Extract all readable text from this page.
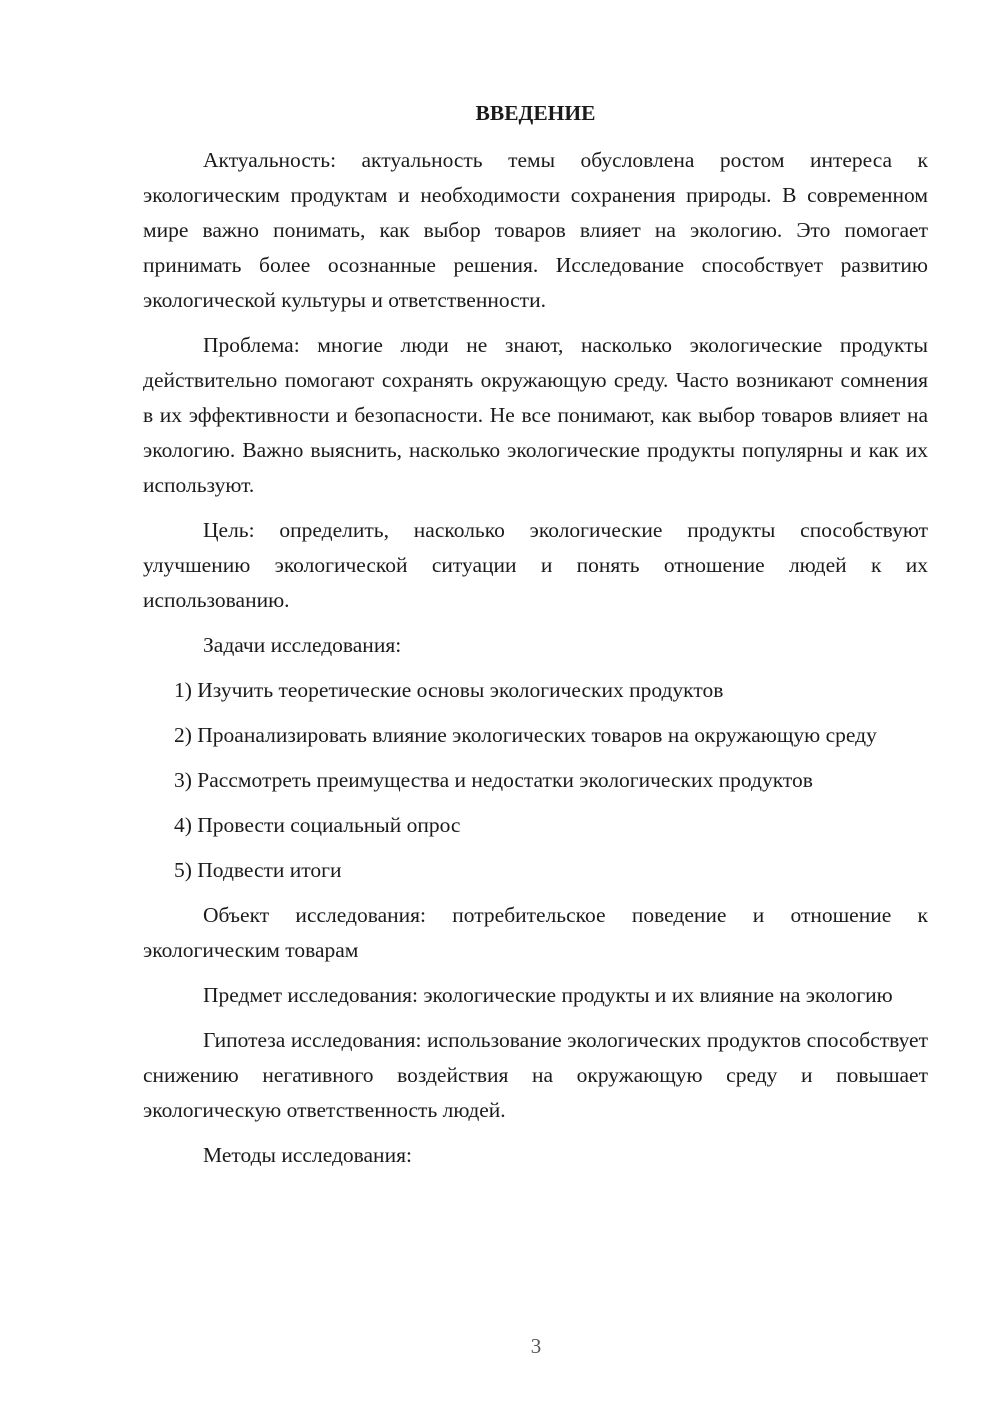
ВВЕДЕНИЕ

Актуальность: актуальность темы обусловлена ростом интереса к экологическим продуктам и необходимости сохранения природы. В современном мире важно понимать, как выбор товаров влияет на экологию. Это помогает принимать более осознанные решения. Исследование способствует развитию экологической культуры и ответственности.

Проблема: многие люди не знают, насколько экологические продукты действительно помогают сохранять окружающую среду. Часто возникают сомнения в их эффективности и безопасности. Не все понимают, как выбор товаров влияет на экологию. Важно выяснить, насколько экологические продукты популярны и как их используют.

Цель: определить, насколько экологические продукты способствуют улучшению экологической ситуации и понять отношение людей к их использованию.

Задачи исследования:

1) Изучить теоретические основы экологических продуктов

2) Проанализировать влияние экологических товаров на окружающую среду

3) Рассмотреть преимущества и недостатки экологических продуктов

4) Провести социальный опрос

5) Подвести итоги

Объект исследования: потребительское поведение и отношение к экологическим товарам

Предмет исследования: экологические продукты и их влияние на экологию

Гипотеза исследования: использование экологических продуктов способствует снижению негативного воздействия на окружающую среду и повышает экологическую ответственность людей.

Методы исследования:

3
